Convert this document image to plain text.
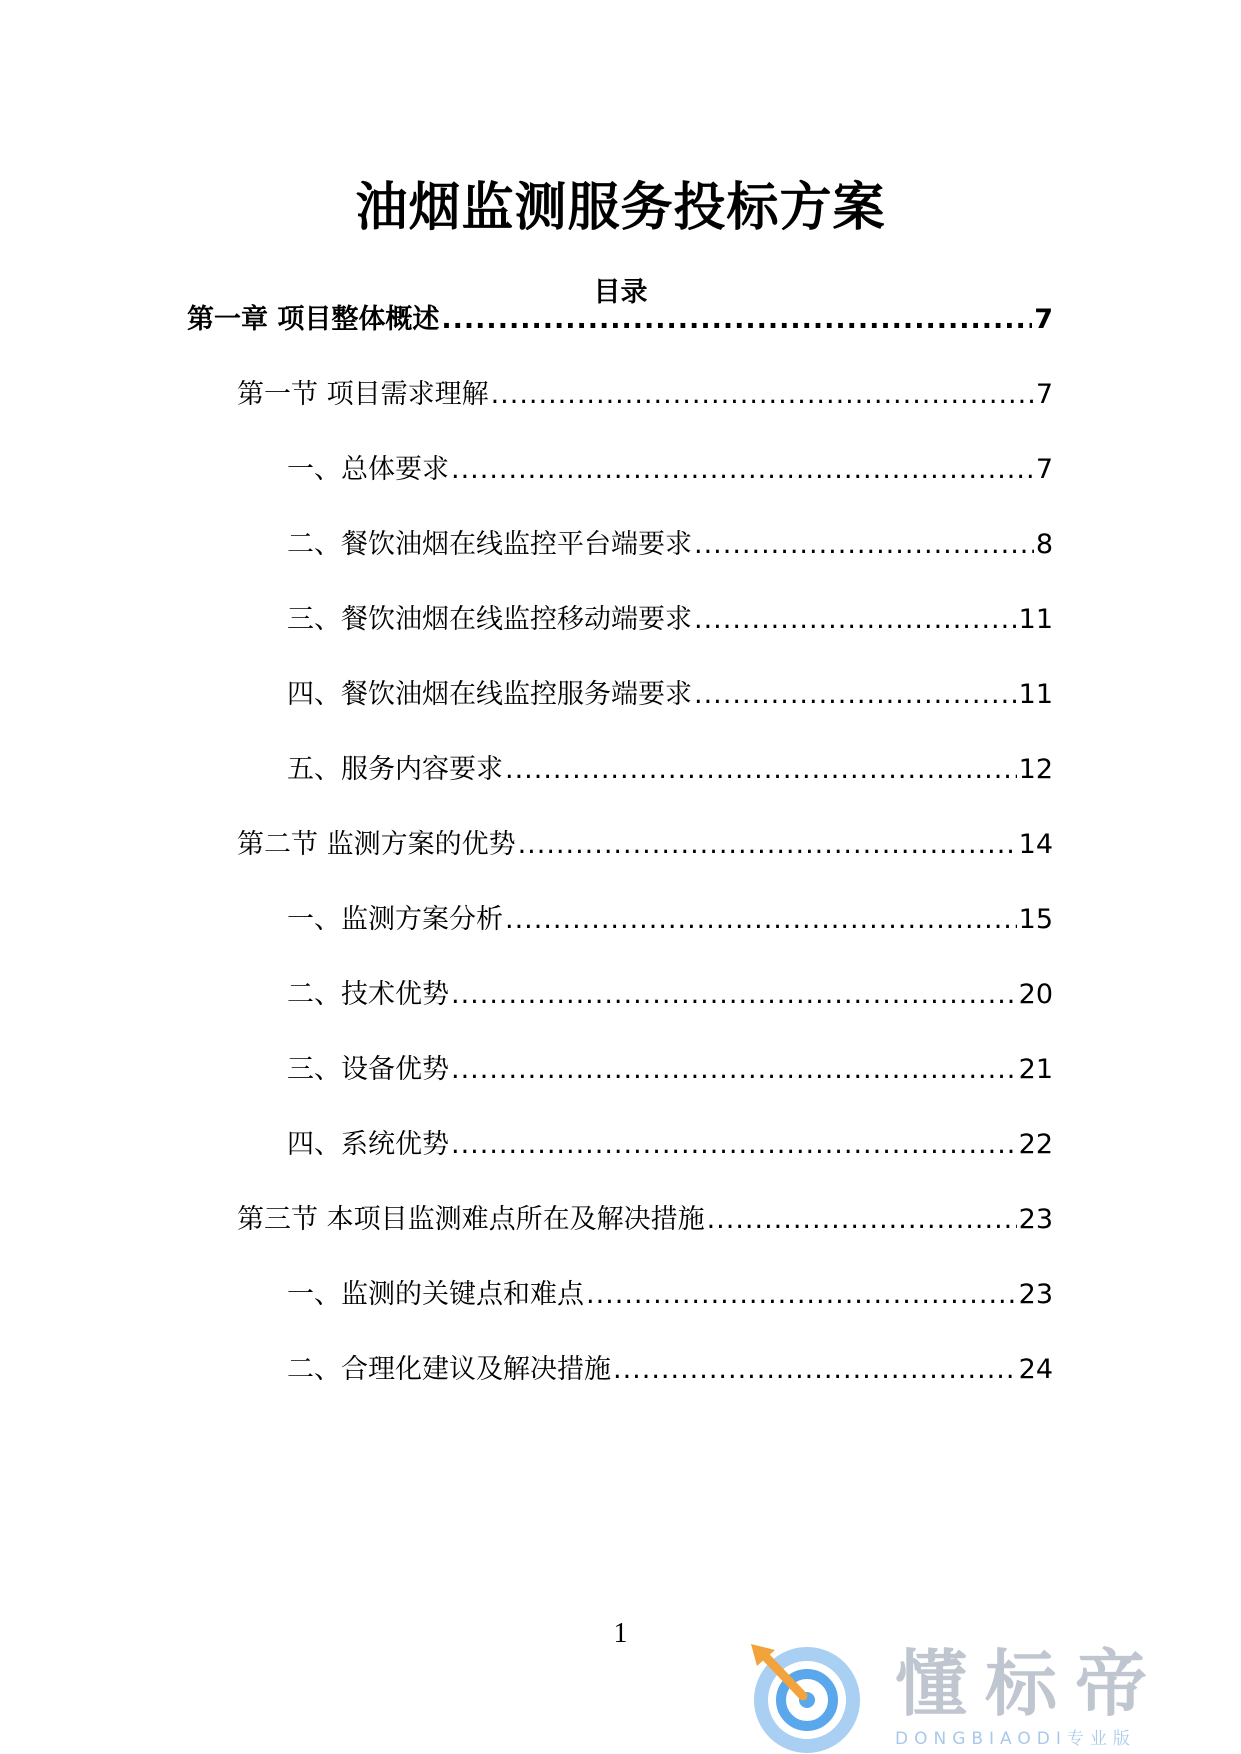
油烟监测服务投标方案
目录
第一章 项目整体概述 .....	7
第一节 项目需求理解 .....	7
一、总体要求 .....	7
二、餐饮油烟在线监控平台端要求 .....	8
三、餐饮油烟在线监控移动端要求 .....	11
四、餐饮油烟在线监控服务端要求 .....	11
五、服务内容要求 .....	12
第二节 监测方案的优势 .....	14
一、监测方案分析 .....	15
二、技术优势 .....	20
三、设备优势 .....	21
四、系统优势 .....	22
第三节 本项目监测难点所在及解决措施 .....	23
一、监测的关键点和难点 .....	23
二、合理化建议及解决措施 .....	24
1
懂标帝
DONGBIAODI专业版
